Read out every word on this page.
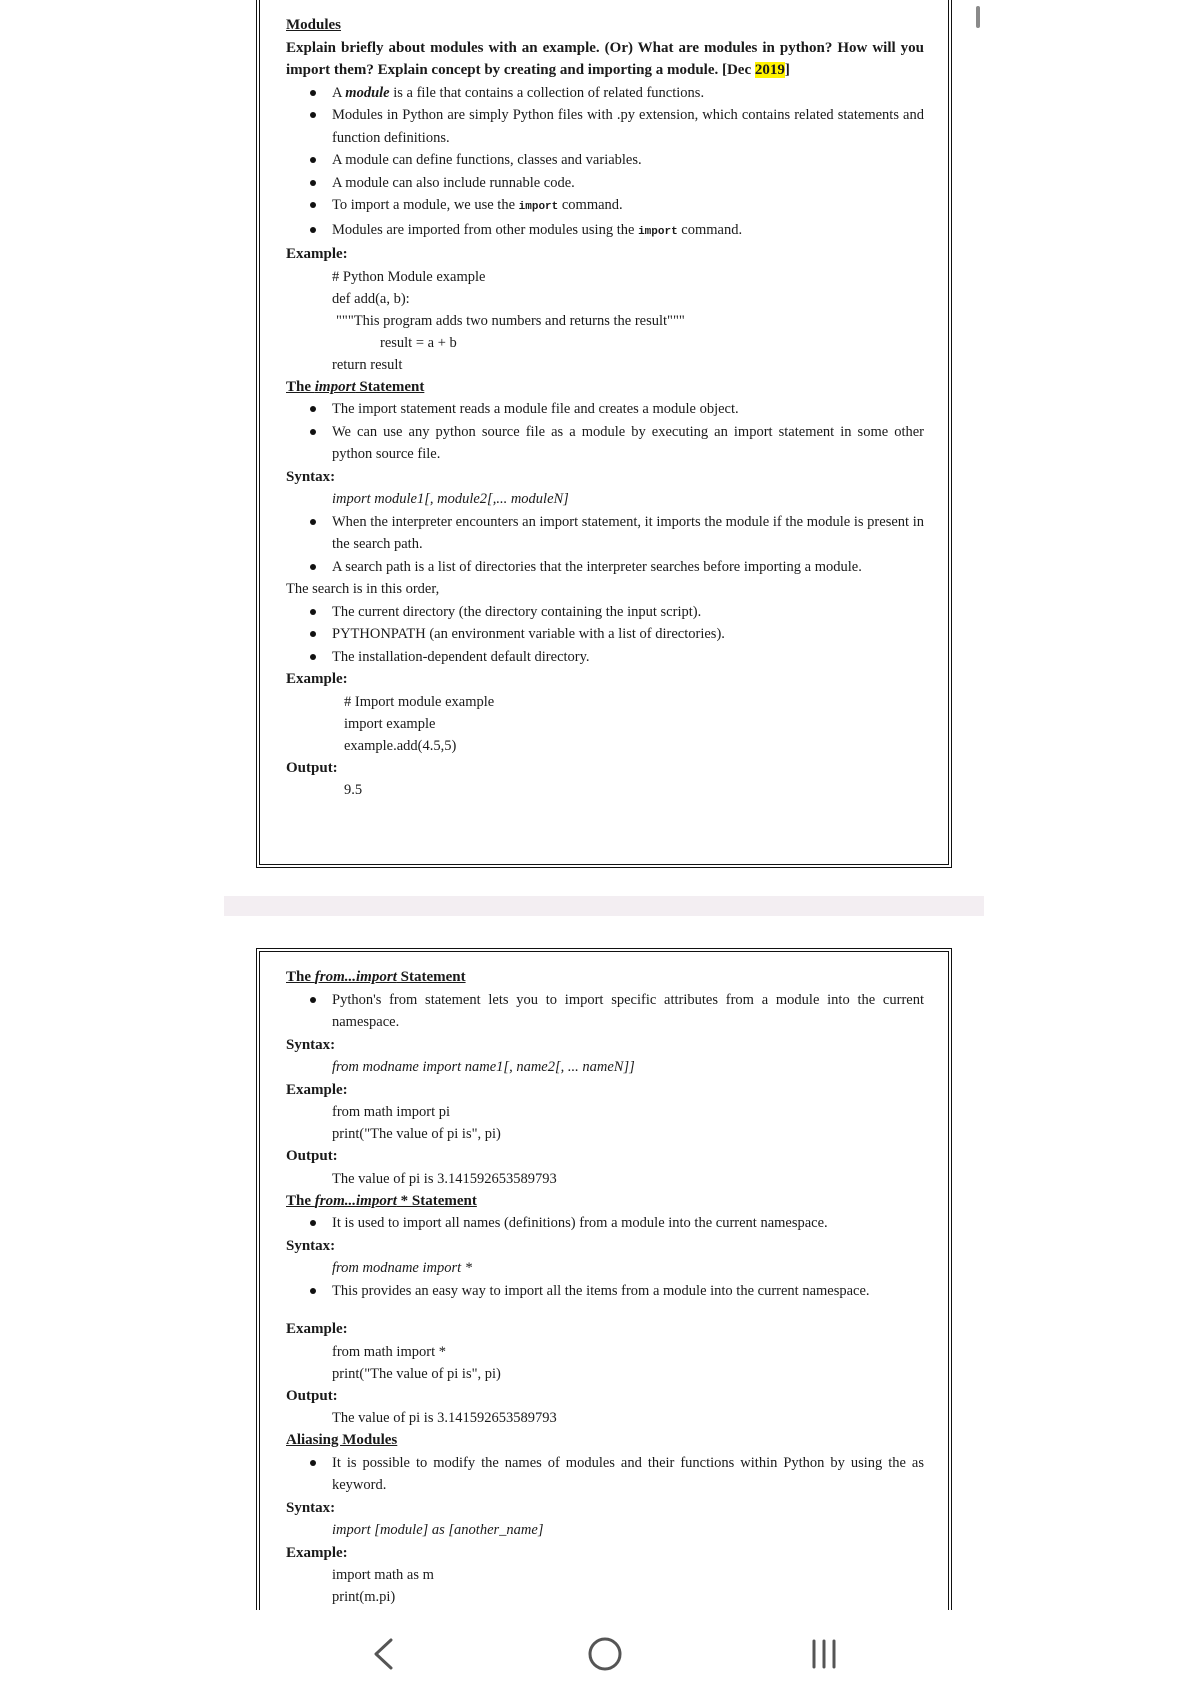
Modules
Explain briefly about modules with an example. (Or) What are modules in python? How will you import them? Explain concept by creating and importing a module. [Dec 2019]
A module is a file that contains a collection of related functions.
Modules in Python are simply Python files with .py extension, which contains related statements and function definitions.
A module can define functions, classes and variables.
A module can also include runnable code.
To import a module, we use the import command.
Modules are imported from other modules using the import command.
Example:
# Python Module example
def add(a, b):
"""This program adds two numbers and returns the result"""
result = a + b
return result
The import Statement
The import statement reads a module file and creates a module object.
We can use any python source file as a module by executing an import statement in some other python source file.
Syntax:
import module1[, module2[,... moduleN]
When the interpreter encounters an import statement, it imports the module if the module is present in the search path.
A search path is a list of directories that the interpreter searches before importing a module.
The search is in this order,
The current directory (the directory containing the input script).
PYTHONPATH (an environment variable with a list of directories).
The installation-dependent default directory.
Example:
# Import module example
import example
example.add(4.5,5)
Output:
9.5
The from...import Statement
Python's from statement lets you to import specific attributes from a module into the current namespace.
Syntax:
from modname import name1[, name2[, ... nameN]]
Example:
from math import pi
print("The value of pi is", pi)
Output:
The value of pi is 3.141592653589793
The from...import * Statement
It is used to import all names (definitions) from a module into the current namespace.
Syntax:
from modname import *
This provides an easy way to import all the items from a module into the current namespace.
Example:
from math import *
print("The value of pi is", pi)
Output:
The value of pi is 3.141592653589793
Aliasing Modules
It is possible to modify the names of modules and their functions within Python by using the as keyword.
Syntax:
import [module] as [another_name]
Example:
import math as m
print(m.pi)
